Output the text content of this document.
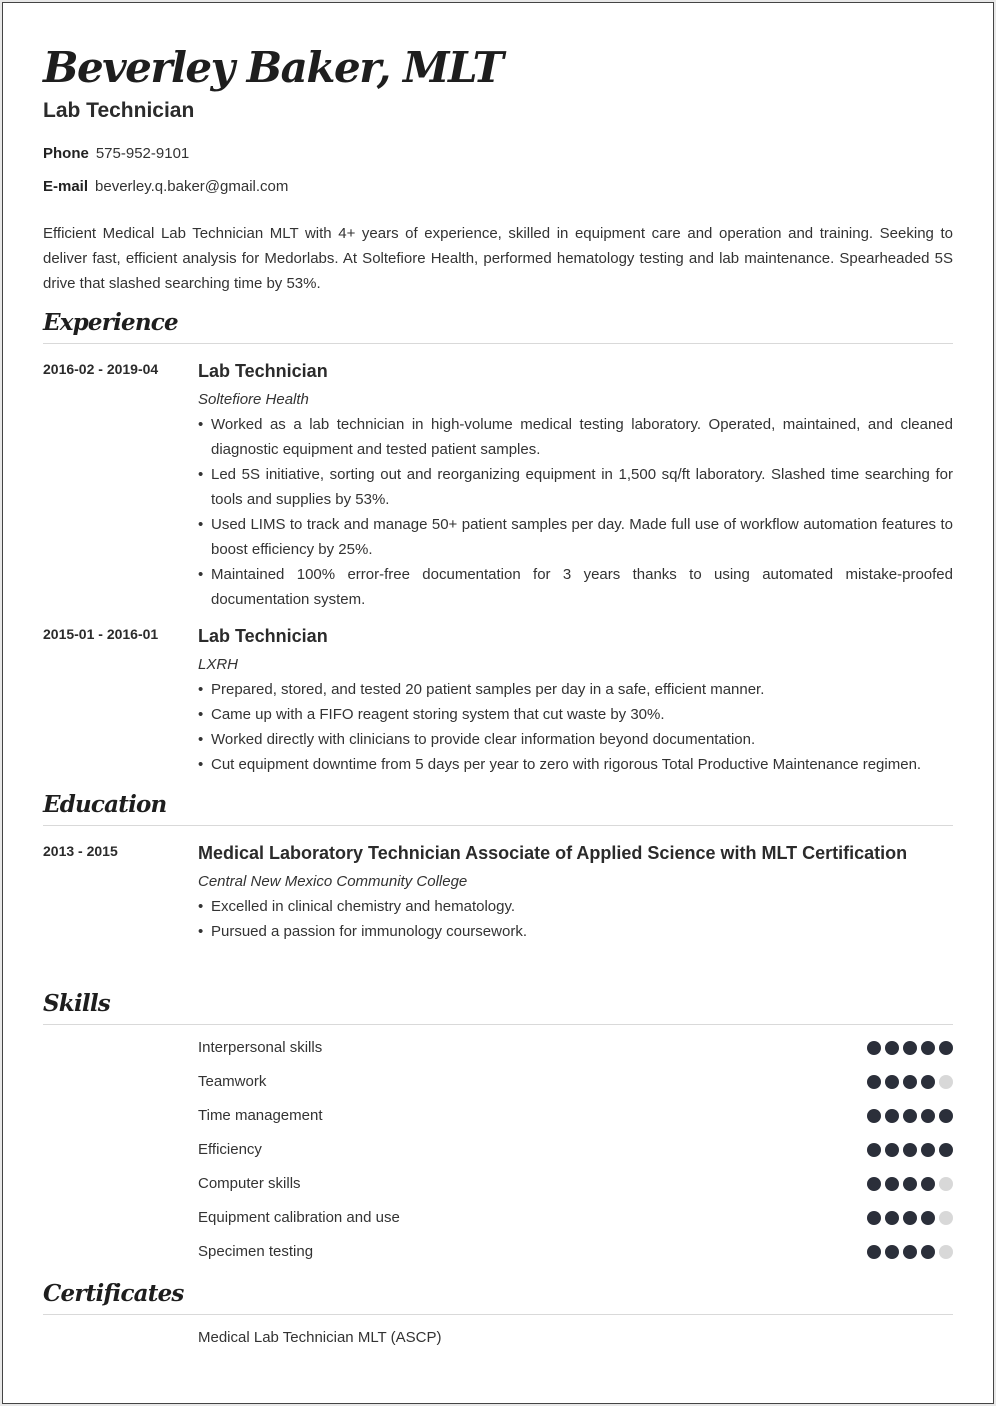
Beverley Baker, MLT
Lab Technician
Phone 575-952-9101
E-mail beverley.q.baker@gmail.com

Efficient Medical Lab Technician MLT with 4+ years of experience, skilled in equipment care and operation and training. Seeking to deliver fast, efficient analysis for Medorlabs. At Soltefiore Health, performed hematology testing and lab maintenance. Spearheaded 5S drive that slashed searching time by 53%.

Experience
2016-02 - 2019-04 Lab Technician
Soltefiore Health
• Worked as a lab technician in high-volume medical testing laboratory. Operated, maintained, and cleaned diagnostic equipment and tested patient samples.
• Led 5S initiative, sorting out and reorganizing equipment in 1,500 sq/ft laboratory. Slashed time searching for tools and supplies by 53%.
• Used LIMS to track and manage 50+ patient samples per day. Made full use of workflow automation features to boost efficiency by 25%.
• Maintained 100% error-free documentation for 3 years thanks to using automated mistake-proofed documentation system.
2015-01 - 2016-01 Lab Technician
LXRH
• Prepared, stored, and tested 20 patient samples per day in a safe, efficient manner.
• Came up with a FIFO reagent storing system that cut waste by 30%.
• Worked directly with clinicians to provide clear information beyond documentation.
• Cut equipment downtime from 5 days per year to zero with rigorous Total Productive Maintenance regimen.
Education
2013 - 2015	Medical Laboratory Technician Associate of Applied Science with MLT Certification
Central New Mexico Community College
• Excelled in clinical chemistry and hematology.
• Pursued a passion for immunology coursework.
Skills
Interpersonal skills
Teamwork
Time management
Efficiency
Computer skills
Equipment calibration and use
Specimen testing
Certificates
Medical Lab Technician MLT (ASCP)
